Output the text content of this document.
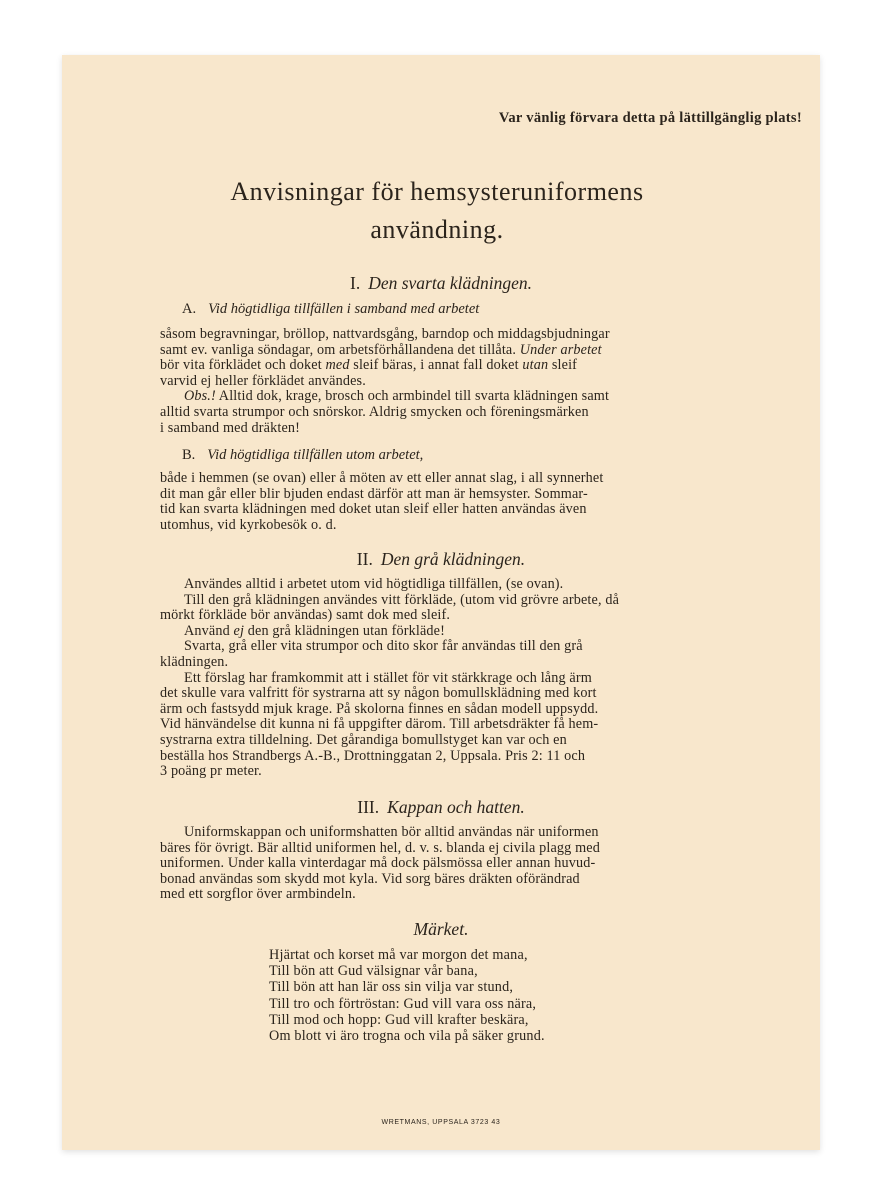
Var vänlig förvara detta på lättillgänglig plats!
Anvisningar för hemsysteruniformens
användning.
I. Den svarta klädningen.
A. Vid högtidliga tillfällen i samband med arbetet
såsom begravningar, bröllop, nattvardsgång, barndop och middagsbjudningar
samt ev. vanliga söndagar, om arbetsförhållandena det tillåta. Under arbetet
bör vita förklädet och doket med sleif bäras, i annat fall doket utan sleif
varvid ej heller förklädet användes.
Obs.! Alltid dok, krage, brosch och armbindel till svarta klädningen samt
alltid svarta strumpor och snörskor. Aldrig smycken och föreningsmärken
i samband med dräkten!
B. Vid högtidliga tillfällen utom arbetet,
både i hemmen (se ovan) eller å möten av ett eller annat slag, i all synnerhet
dit man går eller blir bjuden endast därför att man är hemsyster. Sommar-
tid kan svarta klädningen med doket utan sleif eller hatten användas även
utomhus, vid kyrkobesök o. d.
II. Den grå klädningen.
Användes alltid i arbetet utom vid högtidliga tillfällen, (se ovan).
Till den grå klädningen användes vitt förkläde, (utom vid grövre arbete, då
mörkt förkläde bör användas) samt dok med sleif.
Använd ej den grå klädningen utan förkläde!
Svarta, grå eller vita strumpor och dito skor får användas till den grå
klädningen.
Ett förslag har framkommit att i stället för vit stärkkrage och lång ärm
det skulle vara valfritt för systrarna att sy någon bomullsklädning med kort
ärm och fastsydd mjuk krage. På skolorna finnes en sådan modell uppsydd.
Vid hänvändelse dit kunna ni få uppgifter därom. Till arbetsdräkter få hem-
systrarna extra tilldelning. Det gårandiga bomullstyget kan var och en
beställa hos Strandbergs A.-B., Drottninggatan 2, Uppsala. Pris 2: 11 och
3 poäng pr meter.
III. Kappan och hatten.
Uniformskappan och uniformshatten bör alltid användas när uniformen
bäres för övrigt. Bär alltid uniformen hel, d. v. s. blanda ej civila plagg med
uniformen. Under kalla vinterdagar må dock pälsmössa eller annan huvud-
bonad användas som skydd mot kyla. Vid sorg bäres dräkten oförändrad
med ett sorgflor över armbindeln.
Märket.
Hjärtat och korset må var morgon det mana,
Till bön att Gud välsignar vår bana,
Till bön att han lär oss sin vilja var stund,
Till tro och förtröstan: Gud vill vara oss nära,
Till mod och hopp: Gud vill krafter beskära,
Om blott vi äro trogna och vila på säker grund.
WRETMANS, UPPSALA 3723 43
